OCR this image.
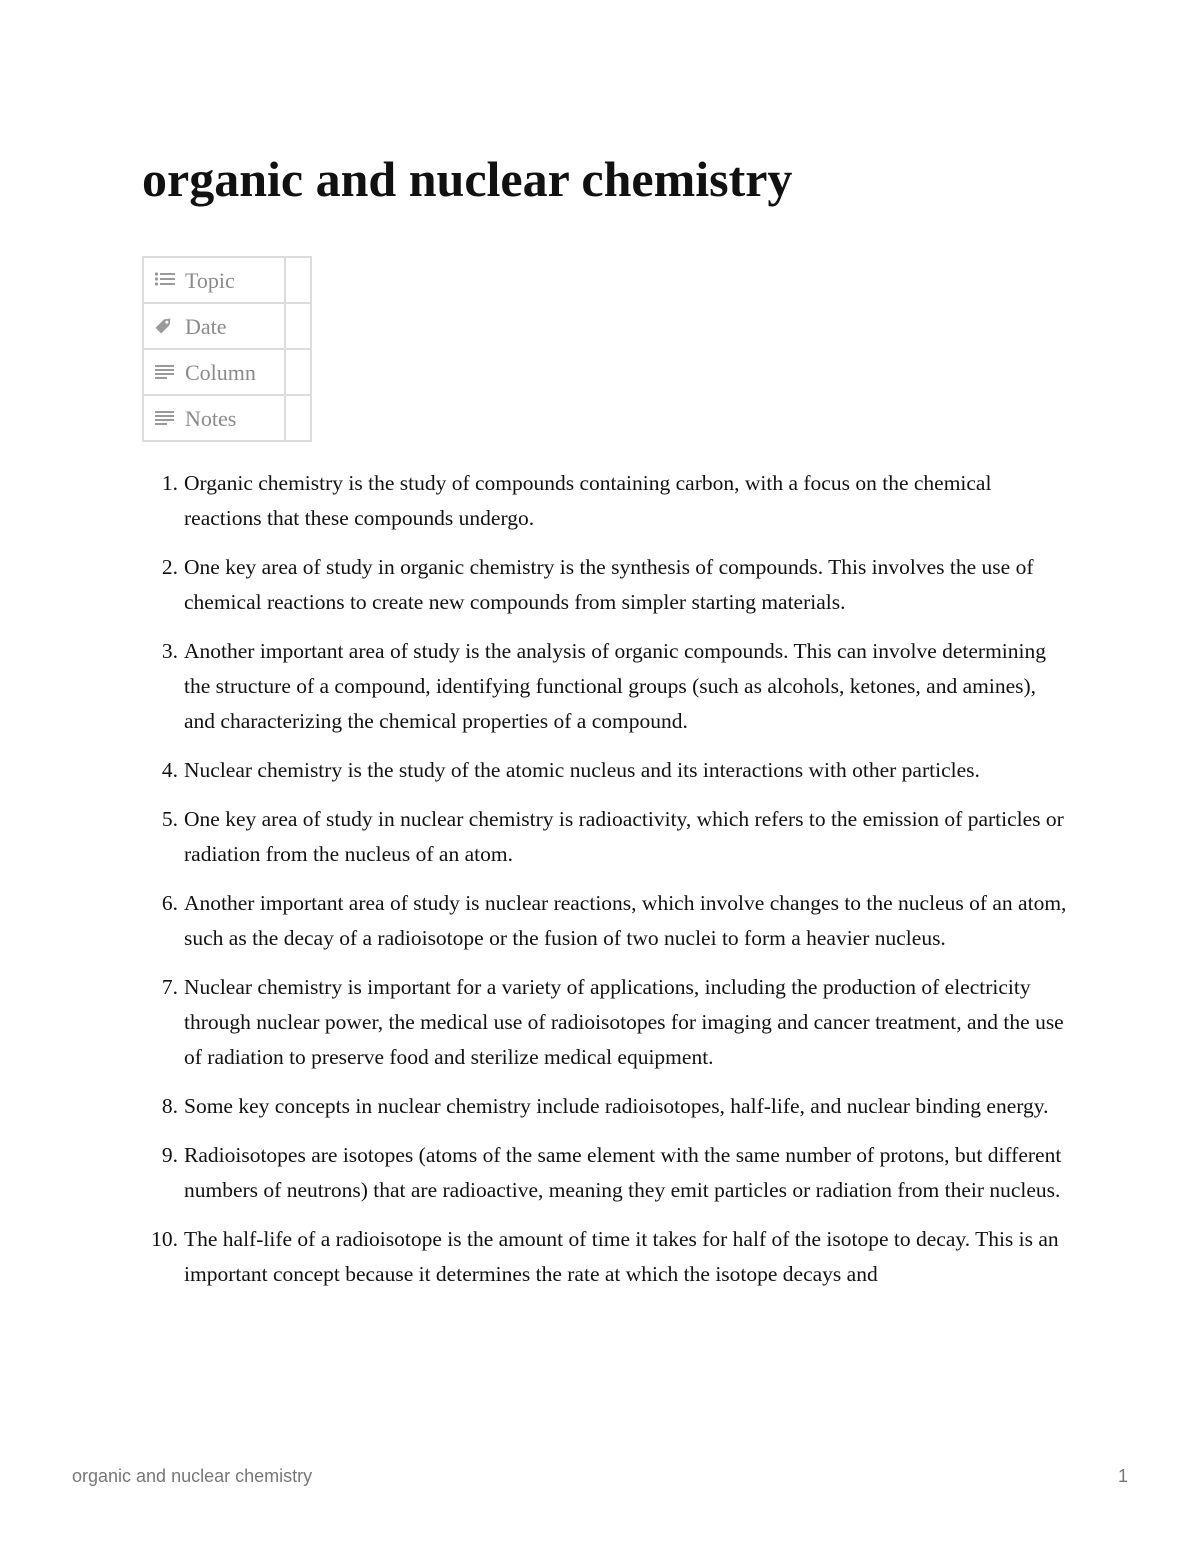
organic and nuclear chemistry
Topic	

Date	

Column	

Notes	
1. Organic chemistry is the study of compounds containing carbon, with a focus on the chemical reactions that these compounds undergo.
2. One key area of study in organic chemistry is the synthesis of compounds. This involves the use of chemical reactions to create new compounds from simpler starting materials.
3. Another important area of study is the analysis of organic compounds. This can involve determining the structure of a compound, identifying functional groups (such as alcohols, ketones, and amines), and characterizing the chemical properties of a compound.
4. Nuclear chemistry is the study of the atomic nucleus and its interactions with other particles.
5. One key area of study in nuclear chemistry is radioactivity, which refers to the emission of particles or radiation from the nucleus of an atom.
6. Another important area of study is nuclear reactions, which involve changes to the nucleus of an atom, such as the decay of a radioisotope or the fusion of two nuclei to form a heavier nucleus.
7. Nuclear chemistry is important for a variety of applications, including the production of electricity through nuclear power, the medical use of radioisotopes for imaging and cancer treatment, and the use of radiation to preserve food and sterilize medical equipment.
8. Some key concepts in nuclear chemistry include radioisotopes, half-life, and nuclear binding energy.
9. Radioisotopes are isotopes (atoms of the same element with the same number of protons, but different numbers of neutrons) that are radioactive, meaning they emit particles or radiation from their nucleus.
10. The half-life of a radioisotope is the amount of time it takes for half of the isotope to decay. This is an important concept because it determines the rate at which the isotope decays and
organic and nuclear chemistry	1
